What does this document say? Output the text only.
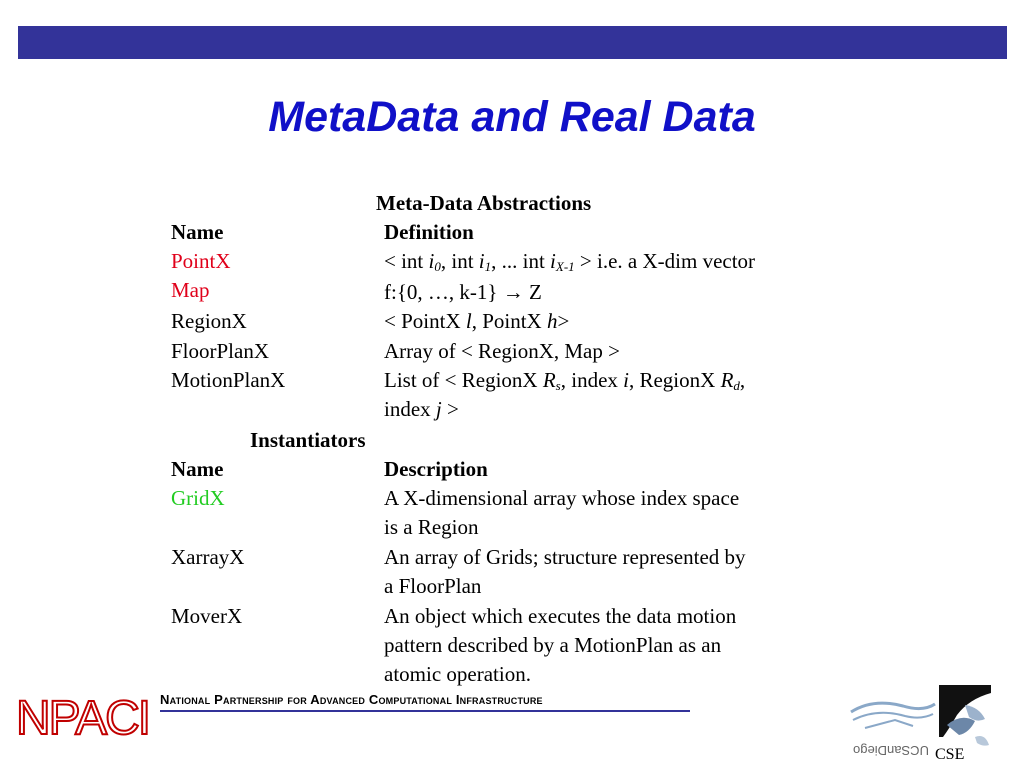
MetaData and Real Data
Meta-Data Abstractions
Name	Definition
PointX	< int $i_0$, int $i_1$, ... int $i_{X-1} > i.e$. a X-dim vector
Map	f:{0, …, k-1} → Z
RegionX	< PointX l, PointX h>
FloorPlanX	Array of < RegionX, Map >
MotionPlanX	List of < RegionX $R_s$, index i, RegionX $R_d$,
index j >
Instantiators
Name	Description
GridX	A X-dimensional array whose index space
is a Region
XarrayX	An array of Grids; structure represented by
a FloorPlan
MoverX	An object which executes the data motion
pattern described by a MotionPlan as an
atomic operation.
National Partnership for Advanced Computational Infrastructure
NPACI
UCSanDiego CSE
